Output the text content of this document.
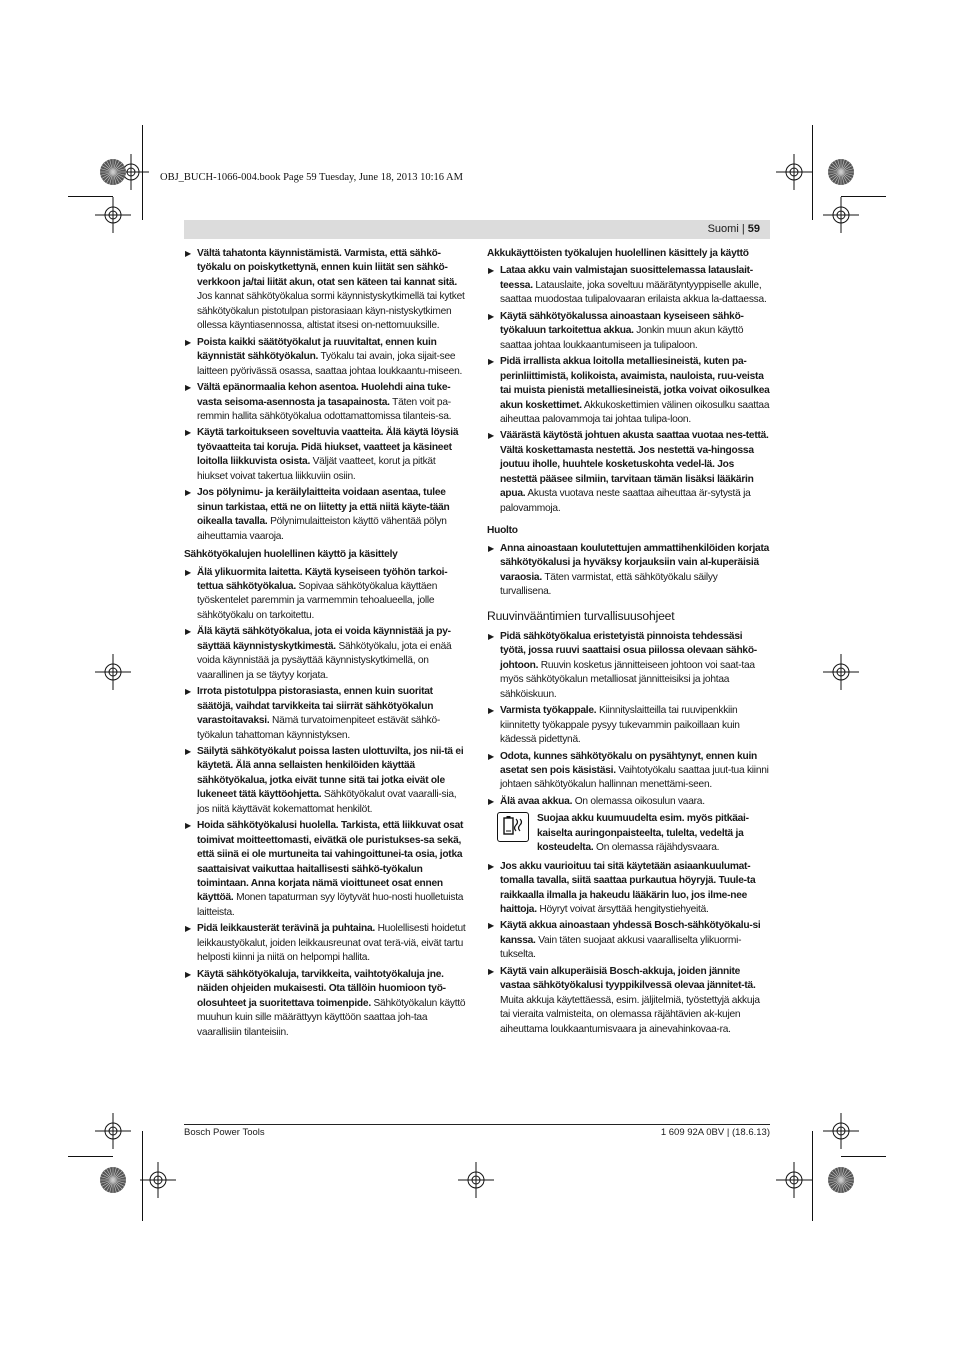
OBJ_BUCH-1066-004.book Page 59 Tuesday, June 18, 2013 10:16 AM
Suomi | 59
▶ Vältä tahatonta käynnistämistä. Varmista, että sähkö-työkalu on poiskytkettynä, ennen kuin liität sen sähkö-verkkoon ja/tai liität akun, otat sen käteen tai kannat sitä. Jos kannat sähkötyökalua sormi käynnistyskytkimellä tai kytket sähkötyökalun pistotulpan pistorasiaan käyn-nistyskytkimen ollessa käyntiasennossa, altistat itsesi on-nettomuuksille.
▶ Poista kaikki säätötyökalut ja ruuvitaltat, ennen kuin käynnistät sähkötyökalun. Työkalu tai avain, joka sijait-see laitteen pyörivässä osassa, saattaa johtaa loukkaantu-miseen.
▶ Vältä epänormaalia kehon asentoa. Huolehdi aina tuke-vasta seisoma-asennosta ja tasapainosta. Täten voit pa-remmin hallita sähkötyökalua odottamattomissa tilanteis-sa.
▶ Käytä tarkoitukseen soveltuvia vaatteita. Älä käytä löysiä työvaatteita tai koruja. Pidä hiukset, vaatteet ja käsineet loitolla liikkuvista osista. Väljät vaatteet, korut ja pitkät hiukset voivat takertua liikkuviin osiin.
▶ Jos pölynimu- ja keräilylaitteita voidaan asentaa, tulee sinun tarkistaa, että ne on liitetty ja että niitä käyte-tään oikealla tavalla. Pölynimulaitteiston käyttö vähentää pölyn aiheuttamia vaaroja.
Sähkötyökalujen huolellinen käyttö ja käsittely
▶ Älä ylikuormita laitetta. Käytä kyseiseen työhön tarkoi-tettua sähkötyökalua. Sopivaa sähkötyökalua käyttäen työskentelet paremmin ja varmemmin tehoalueella, jolle sähkötyökalu on tarkoitettu.
▶ Älä käytä sähkötyökalua, jota ei voida käynnistää ja py-säyttää käynnistyskytkimestä. Sähkötyökalu, jota ei enää voida käynnistää ja pysäyttää käynnistyskytkimellä, on vaarallinen ja se täytyy korjata.
▶ Irrota pistotulppa pistorasiasta, ennen kuin suoritat säätöjä, vaihdat tarvikkeita tai siirrät sähkötyökalun varastoitavaksi. Nämä turvatoimenpiteet estävät sähkö-työkalun tahattoman käynnistyksen.
▶ Säilytä sähkötyökalut poissa lasten ulottuvilta, jos nii-tä ei käytetä. Älä anna sellaisten henkilöiden käyttää sähkötyökalua, jotka eivät tunne sitä tai jotka eivät ole lukeneet tätä käyttöohjetta. Sähkötyökalut ovat vaaralli-sia, jos niitä käyttävät kokemattomat henkilöt.
▶ Hoida sähkötyökalusi huolella. Tarkista, että liikkuvat osat toimivat moitteettomasti, eivätkä ole puristukses-sa sekä, että siinä ei ole murtuneita tai vahingoittunei-ta osia, jotka saattaisivat vaikuttaa haitallisesti sähkö-työkalun toimintaan. Anna korjata nämä vioittuneet osat ennen käyttöä. Monen tapaturman syy löytyvät huo-nosti huolletuista laitteista.
▶ Pidä leikkausterät terävinä ja puhtaina. Huolellisesti hoidetut leikkaustyökalut, joiden leikkausreunat ovat terä-viä, eivät tartu helposti kiinni ja niitä on helpompi hallita.
▶ Käytä sähkötyökaluja, tarvikkeita, vaihtotyökaluja jne. näiden ohjeiden mukaisesti. Ota tällöin huomioon työ-olosuhteet ja suoritettava toimenpide. Sähkötyökalun käyttö muuhun kuin sille määrättyyn käyttöön saattaa joh-taa vaarallisiin tilanteisiin.
Akkukäyttöisten työkalujen huolellinen käsittely ja käyttö
▶ Lataa akku vain valmistajan suosittelemassa latauslait-teessa. Latauslaite, joka soveltuu määrätyntyyppiselle akulle, saattaa muodostaa tulipalovaaran erilaista akkua la-dattaessa.
▶ Käytä sähkötyökalussa ainoastaan kyseiseen sähkö-työkaluun tarkoitettua akkua. Jonkin muun akun käyttö saattaa johtaa loukkaantumiseen ja tulipaloon.
▶ Pidä irrallista akkua loitolla metalliesineistä, kuten pa-perinliittimistä, kolikoista, avaimista, nauloista, ruu-veista tai muista pienistä metalliesineistä, jotka voivat oikosulkea akun koskettimet. Akkukoskettimien välinen oikosulku saattaa aiheuttaa palovammoja tai johtaa tulipa-loon.
▶ Väärästä käytöstä johtuen akusta saattaa vuotaa nes-tettä. Vältä koskettamasta nestettä. Jos nestettä va-hingossa joutuu iholle, huuhtele kosketuskohta vedel-lä. Jos nestettä pääsee silmiin, tarvitaan tämän lisäksi lääkärin apua. Akusta vuotava neste saattaa aiheuttaa är-sytystä ja palovammoja.
Huolto
▶ Anna ainoastaan koulutettujen ammattihenkilöiden korjata sähkötyökalusi ja hyväksy korjauksiin vain al-kuperäisiä varaosia. Täten varmistat, että sähkötyökalu säilyy turvallisena.
Ruuvinvääntimien turvallisuusohjeet
▶ Pidä sähkötyökalua eristetyistä pinnoista tehdessäsi työtä, jossa ruuvi saattaisi osua piilossa olevaan sähkö-johtoon. Ruuvin kosketus jännitteiseen johtoon voi saat-taa myös sähkötyökalun metalliosat jännitteisiksi ja johtaa sähköiskuun.
▶ Varmista työkappale. Kiinnityslaitteilla tai ruuvipenkkiin kiinnitetty työkappale pysyy tukevammin paikoillaan kuin kädessä pidettynä.
▶ Odota, kunnes sähkötyökalu on pysähtynyt, ennen kuin asetat sen pois käsistäsi. Vaihtotyökalu saattaa juut-tua kiinni johtaen sähkötyökalun hallinnan menettämi-seen.
▶ Älä avaa akkua. On olemassa oikosulun vaara.
Suojaa akku kuumuudelta esim. myös pitkäai-kaiselta auringonpaisteelta, tulelta, vedeltä ja kosteudelta. On olemassa räjähdysvaara.
▶ Jos akku vaurioituu tai sitä käytetään asiaankuulumat-tomalla tavalla, siitä saattaa purkautua höyryjä. Tuule-ta raikkaalla ilmalla ja hakeudu lääkärin luo, jos ilme-nee haittoja. Höyryt voivat ärsyttää hengitystiehyeitä.
▶ Käytä akkua ainoastaan yhdessä Bosch-sähkötyökalu-si kanssa. Vain täten suojaat akkusi vaaralliselta ylikuormi-tukselta.
▶ Käytä vain alkuperäisiä Bosch-akkuja, joiden jännite vastaa sähkötyökalusi tyyppikilvessä olevaa jännitet-tä. Muita akkuja käytettäessä, esim. jäljitelmiä, työstettyjä akkuja tai vieraita valmisteita, on olemassa räjähtävien ak-kujen aiheuttama loukkaantumisvaara ja ainevahinkovaa-ra.
Bosch Power Tools	1 609 92A 0BV | (18.6.13)
